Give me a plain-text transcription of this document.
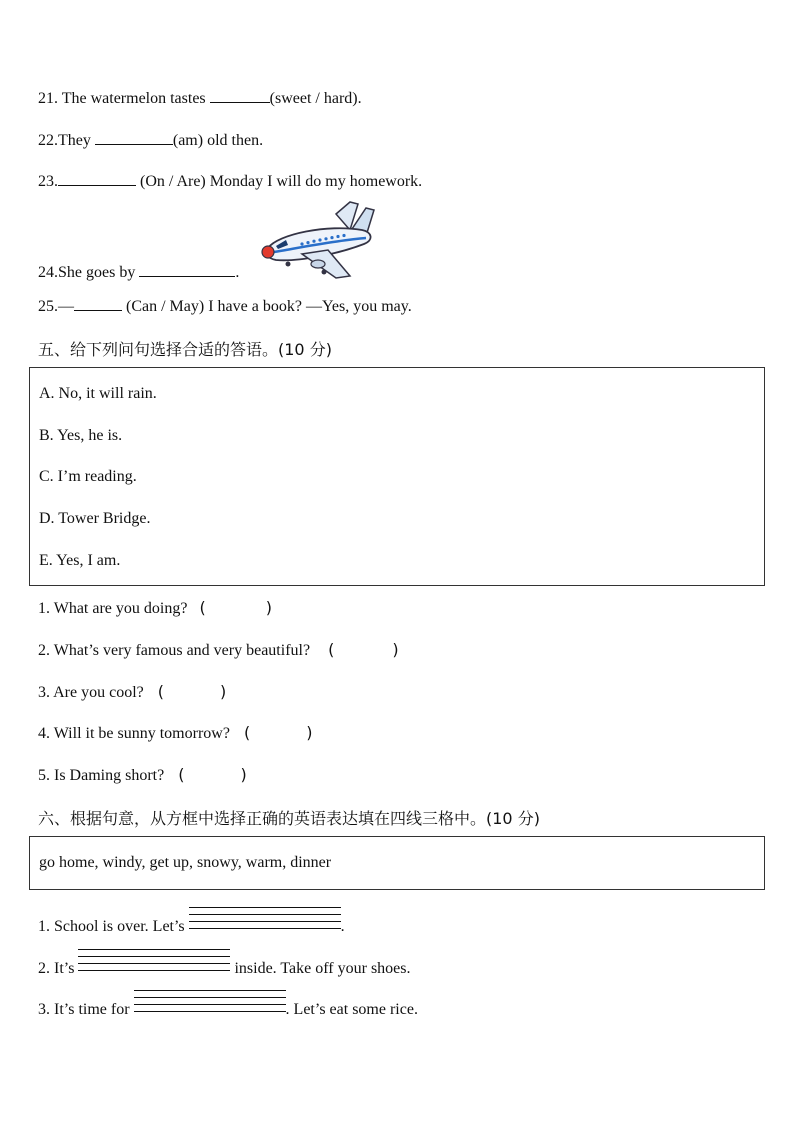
21. The watermelon tastes	(sweet / hard).
22.They	(am) old then.
23.	(On / Are) Monday I will do my homework.
24.She goes by	.
25.—	(Can / May) I have a book? —Yes, you may.
五、给下列问句选择合适的答语。(10 分)
A. No, it will rain.
B. Yes, he is.
C. I’m reading.
D. Tower Bridge.
E. Yes, I am.
1. What are you doing? (	)
2. What’s very famous and very beautiful? (	)
3. Are you cool? (	)
4. Will it be sunny tomorrow? (	)
5. Is Daming short? (	)
六、根据句意，从方框中选择正确的英语表达填在四线三格中。(10 分)
go home, windy, get up, snowy, warm, dinner
1. School is over. Let’s	.
2. It’s	inside. Take off your shoes.
3. It’s time for	. Let’s eat some rice.
